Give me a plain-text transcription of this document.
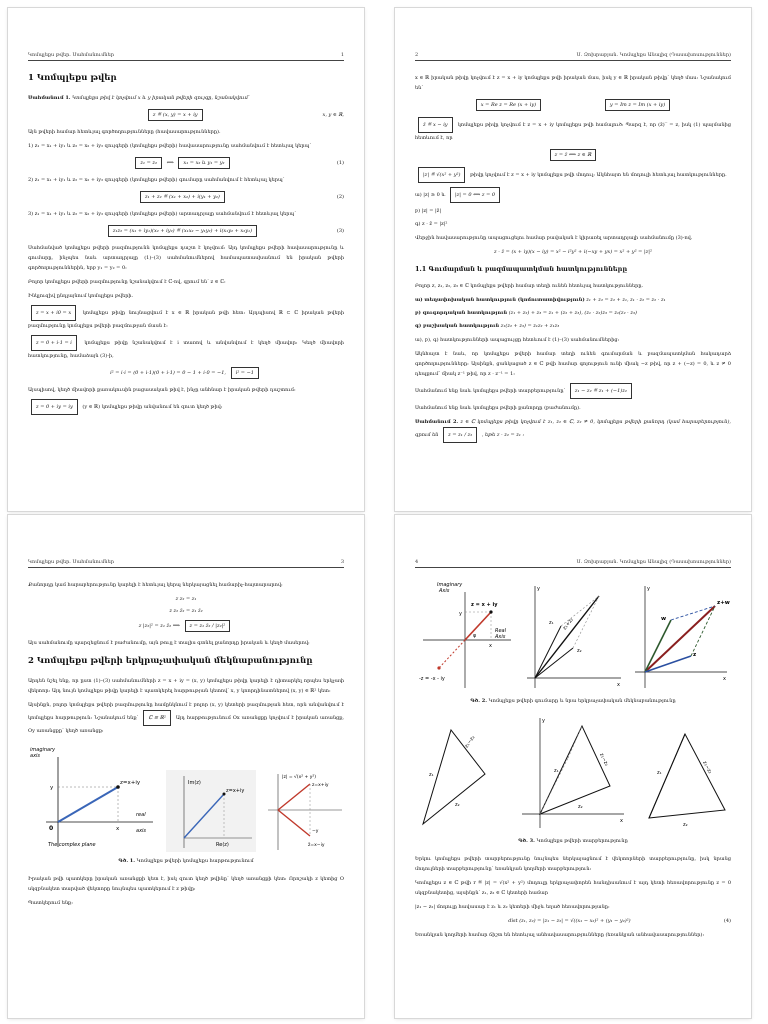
Կոմպլեքս թվեր. Սահմանումներ	1
1 Կոմպլեքս թվեր
Սահմանում 1. Կոմպլեքս թիվ է կոչվում x և y իրական թվերի զույգը, նշանակվում՝
z ≝ (x, y) = x + iy	x, y ∈ ℝ,
Այն թվերի համար հետևյալ գործողությունները (հավասարությունները).
1) z₁ = x₁ + iy₁ և z₂ = x₂ + iy₂ զույգերի (կոմպլեքս թվերի) հավասարությունը սահմանվում է հետևյալ կերպ՝
z₁ = z₂ ⟺ x₁ = x₂ և y₁ = y₂	(1)
2) z₁ = x₁ + iy₁ և z₂ = x₂ + iy₂ զույգերի (կոմպլեքս թվերի) գումարը սահմանվում է հետևյալ կերպ՝
z₁ + z₂ ≝ (x₁ + x₂) + i(y₁ + y₂)	(2)
3) z₁ = x₁ + iy₁ և z₂ = x₂ + iy₂ զույգերի (կոմպլեքս թվերի) արտադրյալը սահմանվում է հետևյալ կերպ՝
z₁z₂ = (x₁ + iy₁)(x₂ + iy₂) ≝ (x₁x₂ − y₁y₂) + i(x₁y₂ + x₂y₁)	(3)
Սահմանված կոմպլեքս թվերի բազմությունն կոմպլեքս դաշտ է կոչվում։ Այդ կոմպլեքս թվերի հավասարությունը և գումարը, ինչպես նաև արտադրյալը (1)–(3) սահմանումներով համապատասխանում են իրական թվերի գործողություններին, երբ y₁ = y₂ = 0։
Բոլոր կոմպլեքս թվերի բազմությունը նշանակվում է ℂ-ով, գրում են՝ z ∈ ℂ։
Ինկլուզիվ ընդլայնում կոմպլեքս թվերի.
z = x + i0 = x կոմպլեքս թիվը նույնացվում է x ∈ ℝ իրական թվի հետ։ Այդպիսով ℝ ⊂ ℂ իրական թվերի բազմությունը կոմպլեքս թվերի բազմության մասն է։
z = 0 + i·1 = i	կոմպլեքս թիվը նշանակվում է i տառով և անվանվում է կեղծ միավոր։ Կեղծ միավորի հատկությունը, համաձայն (3)-ի,
i² = i·i = (0 + i·1)(0 + i·1) = 0 − 1 + i·0 = −1, i² = −1
Այսպիսով, կեղծ միավորի քառակուսին բացասական թիվ է, ինչը անհնար է իրական թվերի դաշտում։
z = 0 + iy = iy (y ∈ ℝ) կոմպլեքս թիվը անվանում են զուտ կեղծ թիվ։
2	Ս. Զոխրաբյան. Կոմպլեքս Անալիզ (Դասախոսություններ)
x ∈ ℝ իրական թիվը կոչվում է z = x + iy կոմպլեքս թվի իրական մաս, իսկ y ∈ ℝ իրական թիվը՝ կեղծ մաս։ Նշանակում են՝
x = Re z = Re (x + iy)	y = Im z = Im (x + iy)
z̄ ≝ x − iy կոմպլեքս թիվը կոչվում է z = x + iy կոմպլեքս թվի համալուծ։ Պարզ է, որ (z̄)‾ = z, իսկ (1) պայմանից հետևում է, որ
z = z̄ ⟺ z ∈ ℝ
|z| ≝ √(x² + y²) թիվը կոչվում է z = x + iy կոմպլեքս թվի մոդուլ։ Ակնհայտ են մոդուլի հետևյալ հատկությունները.
ա) |z| ≥ 0 և |z| = 0 ⟺ z = 0
բ) |z| = |z̄|
գ) z · z̄ = |z|²
Վերջին հավասարությունը ապացուցելու համար բավական է կիրառել արտադրյալի սահմանումը (3)-ով.
z · z̄ = (x + iy)(x − iy) = x² − i²y² + i(−xy + yx) = x² + y² = |z|²
1.1 Գումարման և բազմապատկման հատկությունները
Բոլոր z, z₁, z₂, z₃ ∈ ℂ կոմպլեքս թվերի համար տեղի ունեն հետևյալ հատկությունները.
ա) տեղափոխական հատկություն (կոմուտատիվություն) z₁ + z₂ = z₂ + z₁, z₁ · z₂ = z₂ · z₁
բ) զուգորդական հատկություն (z₁ + z₂) + z₃ = z₁ + (z₂ + z₃), (z₁ · z₂)z₃ = z₁(z₂ · z₃)
գ) բաշխական հատկություն z₁(z₂ + z₃) = z₁z₂ + z₁z₃
ա), բ), գ) հատկությունների ապացույցը հետևում է (1)–(3) սահմանումներից։
Ակնհայտ է նաև, որ կոմպլեքս թվերի համար տեղի ունեն գումարման և բազմապատկման հակադարձ գործողությունները։ Այսինքն, ցանկացած z ∈ ℂ թվի համար գոյություն ունի միակ −z թիվ, որ z + (−z) = 0, և z ≠ 0 դեպքում՝ միակ z⁻¹ թիվ, որ z · z⁻¹ = 1։
Սահմանում ենք նաև կոմպլեքս թվերի տարբերությունը՝ z₁ − z₂ ≝ z₁ + (−1)z₂
Սահմանում ենք նաև կոմպլեքս թվերի քանորդը (բաժանումը).
Սահմանում 2. z ∈ ℂ կոմպլեքս թիվը կոչվում է z₁, z₂ ∈ ℂ, z₂ ≠ 0, կոմպլեքս թվերի քանորդ (կամ հարաբերություն), գրում են z = z₁ / z₂ , եթե z · z₂ = z₁ ։
Կոմպլեքս թվեր. Սահմանումներ	3
Քանորդը կամ հարաբերությունը կարելի է հետևյալ կերպ ներկայացնել համարիչ-հայտարարով։
z z₂ = z₁
z z₂ z̄₂ = z₁ z̄₂
z |z₂|² = z₁ z̄₂ ⟹ z = z₁ z̄₂ / |z₂|²
Այս սահմանումը պարզեցնում է բաժանումը, այն թույլ է տալիս գտնել քանորդը իրական և կեղծ մասերով։
2 Կոմպլեքս թվերի երկրաչափական մեկնաբանությունը
Արդեն նշել ենք, որ ըստ (1)–(3) սահմանումների z = x + iy = (x, y) կոմպլեքս թիվը կարելի է դիտարկել որպես երկչափ վեկտոր։ Այդ նույն կոմպլեքս թիվը կարելի է պատկերել հարթության կետով՝ x, y կոորդինատներով (x, y) ∈ ℝ² կետ։
Այսինքն, բոլոր կոմպլեքս թվերի բազմությունը համընկնում է բոլոր (x, y) կետերի բազմության հետ, որն անվանվում է կոմպլեքս հարթություն։ Նշանակում ենք՝ ℂ ≅ ℝ² Այդ հարթությունում Ox առանցքը կոչվում է իրական առանցք, Oy առանցքը՝ կեղծ առանցք։
imaginary
axis
real
axis
z=x+iy
y
x
0
The complex plane
Im(z)
Re(z)
z=x+iy
|z| = √(x² + y²)
z=x+iy
z̄=x−iy
−y
Գծ. 1. Կոմպլեքս թվերի կոմպլեքս հարթությունում
Իրական թվի պատկերը իրական առանցքի կետ է, իսկ զուտ կեղծ թվինը՝ կեղծ առանցքի կետ։ Որոշակի z կետից O սկզբնակետ տարված վեկտորը նույնպես պատկերում է z թիվը։
Պատկերում ենք։
4	Ս. Զոխրաբյան. Կոմպլեքս Անալիզ (Դասախոսություններ)
Imaginary
Axis
Real
Axis
z = x + iy
-z = -x - iy
y
x
φ
z₁+z₂
z₁
z₂
x
y
z+w
w
z
x
y
Գծ. 2. Կոմպլեքս թվերի գումարը և նրա երկրաչափական մեկնաբանությունը
z₁−z₂
z₁
z₂
z₁−z₂
z₁
z₂
x
y
z₁−z₂
z₁
z₂
Գծ. 3. Կոմպլեքս թվերի տարբերությունը
Երկու կոմպլեքս թվերի տարբերությունը նույնպես ներկայացնում է վեկտորների տարբերությունը, իսկ նրանց մոդուլների տարբերությունը՝ եռանկյան կողմերի տարբերություն։
Կոմպլեքս z ∈ ℂ թվի r ≝ |z| = √(x² + y²) մոդուլը երկրաչափորեն հանդիսանում է այդ կետի հեռավորությունը z = 0 սկզբնակետից, այսինքն՝ z₁, z₂ ∈ ℂ կետերի համար
|z₁ − z₂| մոդուլը հավասար է z₁ և z₂ կետերի միջև եղած հեռավորությանը։
dist (z₁, z₂) = |z₁ − z₂| = √((x₁ − x₂)² + (y₁ − y₂)²)	(4)
Եռանկյան կողմերի համար ճիշտ են հետևյալ անհավասարությունները (եռանկյան անհավասարություններ)։
